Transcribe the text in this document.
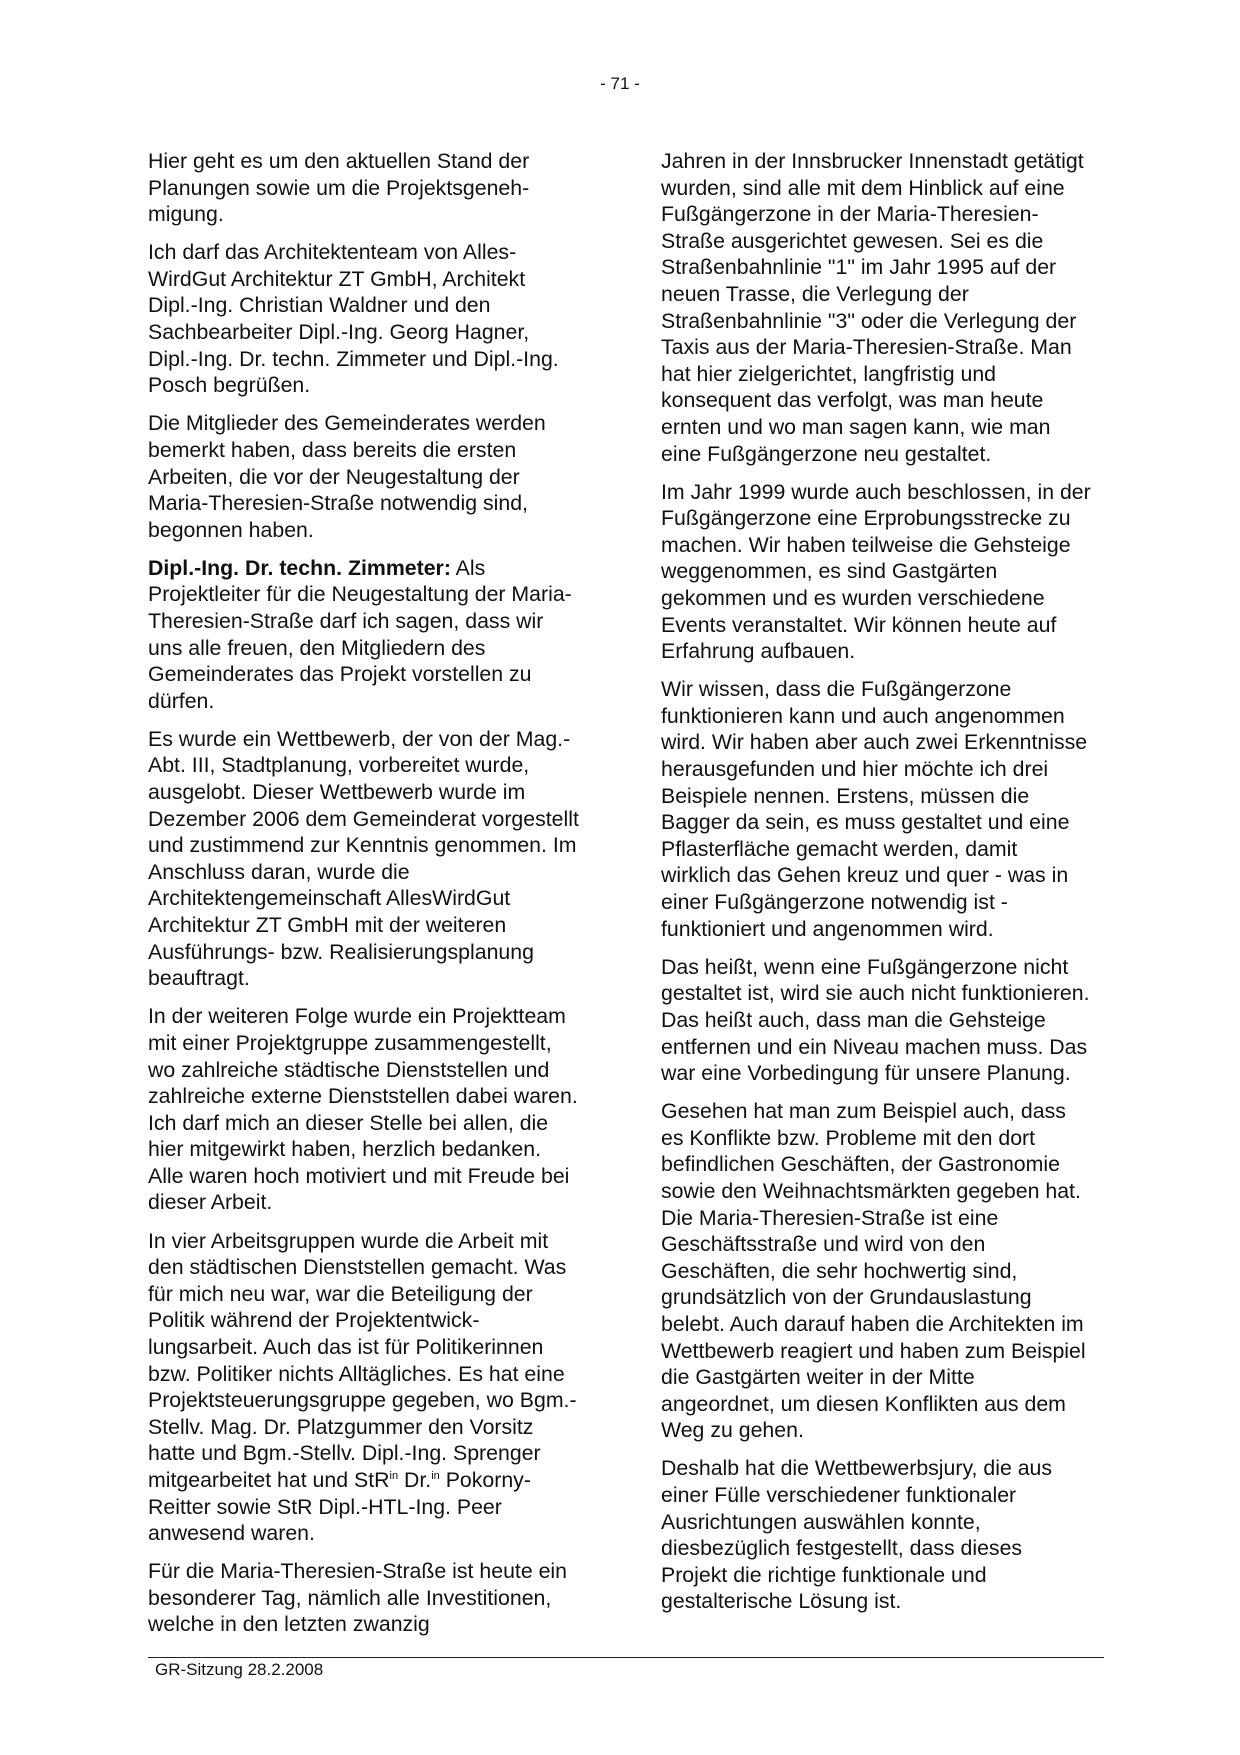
- 71 -

Hier geht es um den aktuellen Stand der Planungen sowie um die Projektsgenehmigung.

Ich darf das Architektenteam von AllesWirdGut Architektur ZT GmbH, Architekt Dipl.-Ing. Christian Waldner und den Sachbearbeiter Dipl.-Ing. Georg Hagner, Dipl.-Ing. Dr. techn. Zimmeter und Dipl.-Ing. Posch begrüßen.

Die Mitglieder des Gemeinderates werden bemerkt haben, dass bereits die ersten Arbeiten, die vor der Neugestaltung der Maria-Theresien-Straße notwendig sind, begonnen haben.

Dipl.-Ing. Dr. techn. Zimmeter: Als Projektleiter für die Neugestaltung der Maria-Theresien-Straße darf ich sagen, dass wir uns alle freuen, den Mitgliedern des Gemeinderates das Projekt vorstellen zu dürfen.

Es wurde ein Wettbewerb, der von der Mag.-Abt. III, Stadtplanung, vorbereitet wurde, ausgelobt. Dieser Wettbewerb wurde im Dezember 2006 dem Gemeinderat vorgestellt und zustimmend zur Kenntnis genommen. Im Anschluss daran, wurde die Architektengemeinschaft AllesWirdGut Architektur ZT GmbH mit der weiteren Ausführungs- bzw. Realisierungsplanung beauftragt.

In der weiteren Folge wurde ein Projektteam mit einer Projektgruppe zusammengestellt, wo zahlreiche städtische Dienststellen und zahlreiche externe Dienststellen dabei waren. Ich darf mich an dieser Stelle bei allen, die hier mitgewirkt haben, herzlich bedanken. Alle waren hoch motiviert und mit Freude bei dieser Arbeit.

In vier Arbeitsgruppen wurde die Arbeit mit den städtischen Dienststellen gemacht. Was für mich neu war, war die Beteiligung der Politik während der Projektentwicklungsarbeit. Auch das ist für Politikerinnen bzw. Politiker nichts Alltägliches. Es hat eine Projektsteuerungsgruppe gegeben, wo Bgm.-Stellv. Mag. Dr. Platzgummer den Vorsitz hatte und Bgm.-Stellv. Dipl.-Ing. Sprenger mitgearbeitet hat und StR$^{in}$ Dr.$^{in}$ Pokorny-Reitter sowie StR Dipl.-HTL-Ing. Peer anwesend waren.

Für die Maria-Theresien-Straße ist heute ein besonderer Tag, nämlich alle Investitionen, welche in den letzten zwanzig

Jahren in der Innsbrucker Innenstadt getätigt wurden, sind alle mit dem Hinblick auf eine Fußgängerzone in der Maria-Theresien-Straße ausgerichtet gewesen. Sei es die Straßenbahnlinie "1" im Jahr 1995 auf der neuen Trasse, die Verlegung der Straßenbahnlinie "3" oder die Verlegung der Taxis aus der Maria-Theresien-Straße. Man hat hier zielgerichtet, langfristig und konsequent das verfolgt, was man heute ernten und wo man sagen kann, wie man eine Fußgängerzone neu gestaltet.

Im Jahr 1999 wurde auch beschlossen, in der Fußgängerzone eine Erprobungsstrecke zu machen. Wir haben teilweise die Gehsteige weggenommen, es sind Gastgärten gekommen und es wurden verschiedene Events veranstaltet. Wir können heute auf Erfahrung aufbauen.

Wir wissen, dass die Fußgängerzone funktionieren kann und auch angenommen wird. Wir haben aber auch zwei Erkenntnisse herausgefunden und hier möchte ich drei Beispiele nennen. Erstens, müssen die Bagger da sein, es muss gestaltet und eine Pflasterfläche gemacht werden, damit wirklich das Gehen kreuz und quer - was in einer Fußgängerzone notwendig ist - funktioniert und angenommen wird.

Das heißt, wenn eine Fußgängerzone nicht gestaltet ist, wird sie auch nicht funktionieren. Das heißt auch, dass man die Gehsteige entfernen und ein Niveau machen muss. Das war eine Vorbedingung für unsere Planung.

Gesehen hat man zum Beispiel auch, dass es Konflikte bzw. Probleme mit den dort befindlichen Geschäften, der Gastronomie sowie den Weihnachtsmärkten gegeben hat. Die Maria-Theresien-Straße ist eine Geschäftsstraße und wird von den Geschäften, die sehr hochwertig sind, grundsätzlich von der Grundauslastung belebt. Auch darauf haben die Architekten im Wettbewerb reagiert und haben zum Beispiel die Gastgärten weiter in der Mitte angeordnet, um diesen Konflikten aus dem Weg zu gehen.

Deshalb hat die Wettbewerbsjury, die aus einer Fülle verschiedener funktionaler Ausrichtungen auswählen konnte, diesbezüglich festgestellt, dass dieses Projekt die richtige funktionale und gestalterische Lösung ist.

GR-Sitzung 28.2.2008
